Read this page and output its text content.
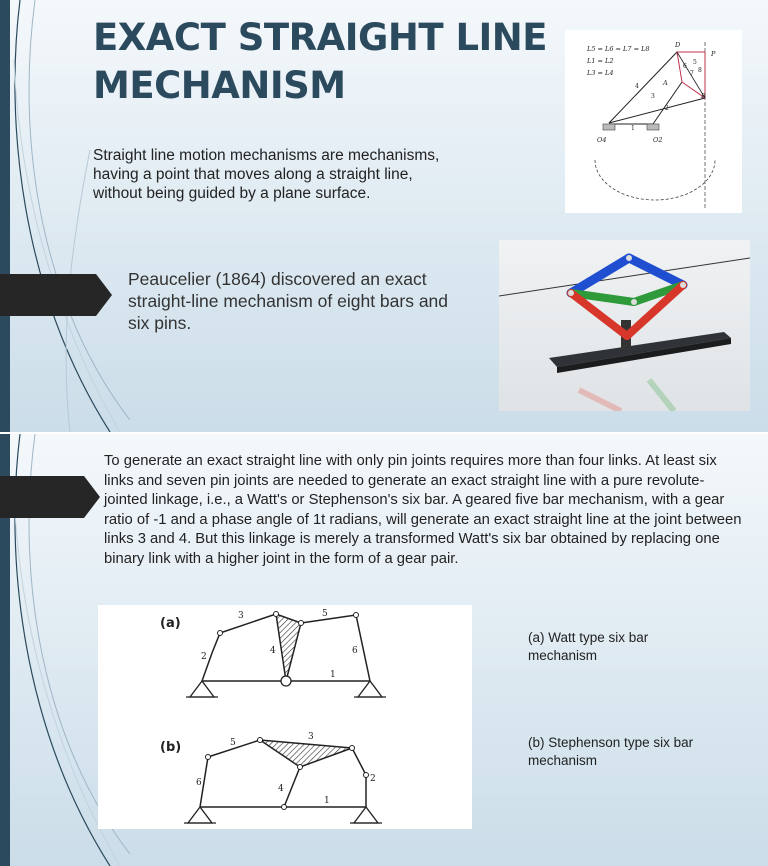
EXACT STRAIGHT LINE
MECHANISM
Straight line motion mechanisms are mechanisms, having a point that moves along a straight line, without being guided by a plane surface.
Peaucelier (1864) discovered an exact straight-line mechanism of eight bars and six pins.
L5 = L6 = L7 = L8
L1 = L2
L3 = L4
D
P
A
B
O4	O2
1
2
3
4
5
6
7 8
To generate an exact straight line with only pin joints requires more than four links. At least six links and seven pin joints are needed to generate an exact straight line with a pure revolute-jointed linkage, i.e., a Watt's or Stephenson's six bar. A geared five bar mechanism, with a gear ratio of -1 and a phase angle of 1t radians, will generate an exact straight line at the joint between links 3 and 4. But this linkage is merely a transformed Watt's six bar obtained by replacing one binary link with a higher joint in the form of a gear pair.
(a)
2
3
4
5
6
1
(b)	5
6
3
4
2
1
(a) Watt type six bar mechanism
(b) Stephenson type six bar mechanism
